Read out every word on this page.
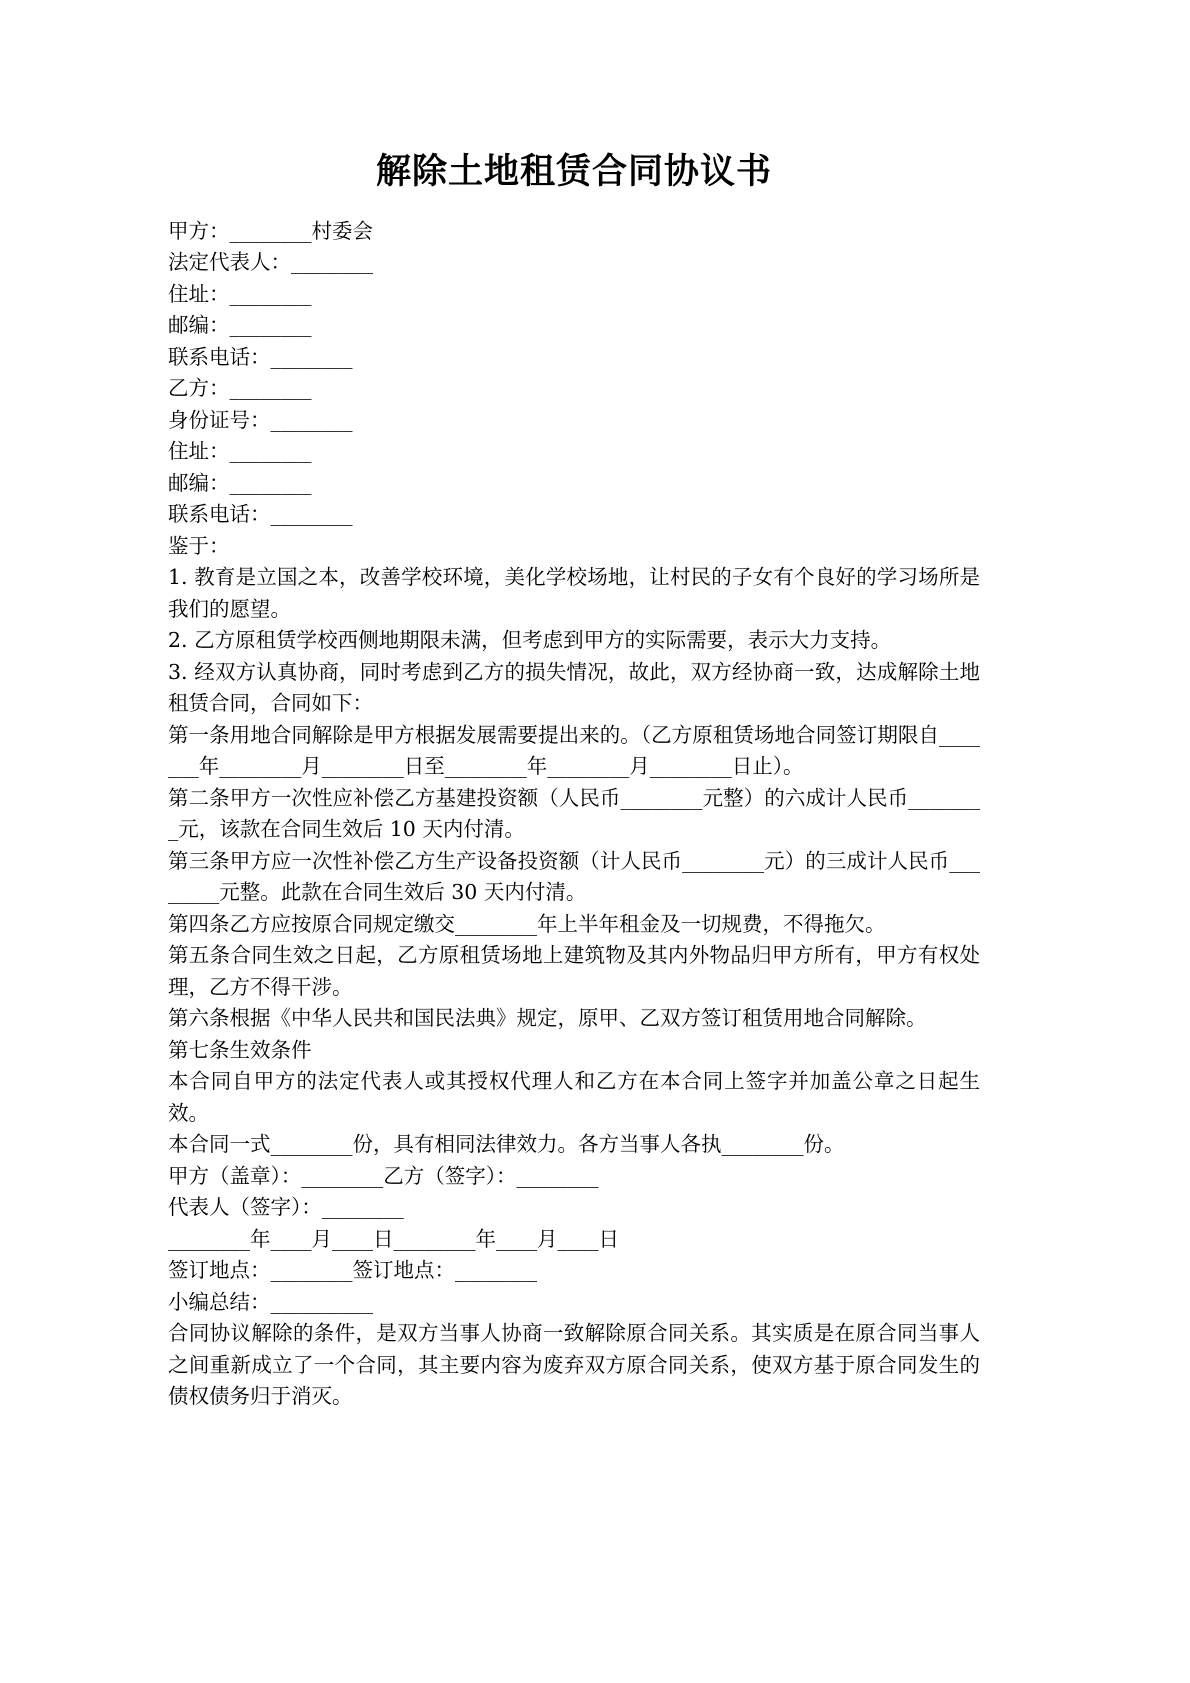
解除土地租赁合同协议书

甲方：________村委会

法定代表人：________

住址：________

邮编：________

联系电话：________

乙方：________

身份证号：________

住址：________

邮编：________

联系电话：________

鉴于：

1. 教育是立国之本，改善学校环境，美化学校场地，让村民的子女有个良好的学习场所是我们的愿望。

2. 乙方原租赁学校西侧地期限未满，但考虑到甲方的实际需要，表示大力支持。

3. 经双方认真协商，同时考虑到乙方的损失情况，故此，双方经协商一致，达成解除土地租赁合同，合同如下：

第一条用地合同解除是甲方根据发展需要提出来的。（乙方原租赁场地合同签订期限自_______年________月________日至________年________月________日止）。

第二条甲方一次性应补偿乙方基建投资额（人民币________元整）的六成计人民币________元，该款在合同生效后 10 天内付清。

第三条甲方应一次性补偿乙方生产设备投资额（计人民币________元）的三成计人民币________元整。此款在合同生效后 30 天内付清。

第四条乙方应按原合同规定缴交________年上半年租金及一切规费，不得拖欠。

第五条合同生效之日起，乙方原租赁场地上建筑物及其内外物品归甲方所有，甲方有权处理，乙方不得干涉。

第六条根据《中华人民共和国民法典》规定，原甲、乙双方签订租赁用地合同解除。

第七条生效条件

本合同自甲方的法定代表人或其授权代理人和乙方在本合同上签字并加盖公章之日起生效。

本合同一式________份，具有相同法律效力。各方当事人各执________份。

甲方（盖章）：________乙方（签字）：________

代表人（签字）：________

________年____月____日________年____月____日

签订地点：________签订地点：________

小编总结：__________

合同协议解除的条件，是双方当事人协商一致解除原合同关系。其实质是在原合同当事人之间重新成立了一个合同，其主要内容为废弃双方原合同关系，使双方基于原合同发生的债权债务归于消灭。
